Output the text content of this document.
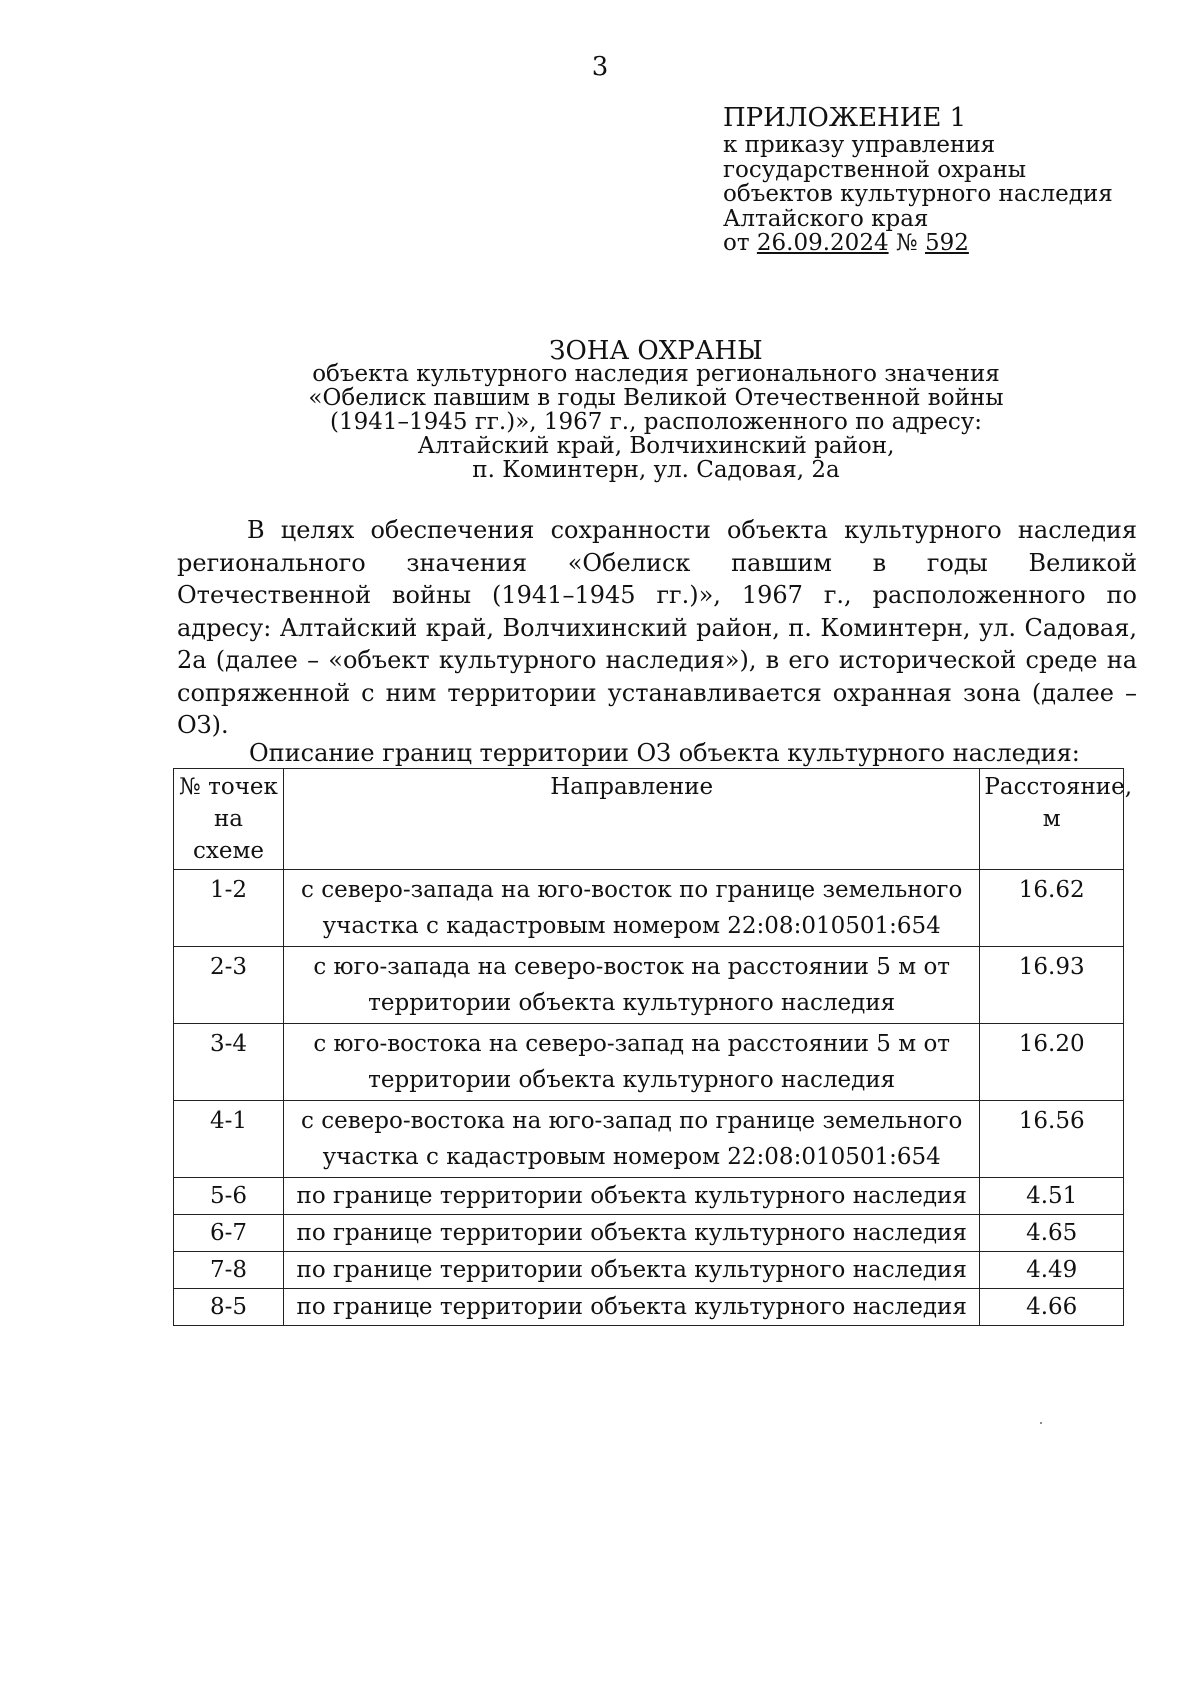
3
ПРИЛОЖЕНИЕ 1
к приказу управления
государственной охраны
объектов культурного наследия
Алтайского края
от 26.09.2024 № 592
ЗОНА ОХРАНЫ
объекта культурного наследия регионального значения
«Обелиск павшим в годы Великой Отечественной войны
(1941–1945 гг.)», 1967 г., расположенного по адресу:
Алтайский край, Волчихинский район,
п. Коминтерн, ул. Садовая, 2а

В целях обеспечения сохранности объекта культурного наследия регионального значения «Обелиск павшим в годы Великой Отечественной войны (1941–1945 гг.)», 1967 г., расположенного по адресу: Алтайский край, Волчихинский район, п. Коминтерн, ул. Садовая, 2а (далее – «объект культурного наследия»), в его исторической среде на сопряженной с ним территории устанавливается охранная зона (далее – ОЗ).

Описание границ территории ОЗ объекта культурного наследия:
№ точек на схеме	Направление	Расстояние, м
1-2	с северо-запада на юго-восток по границе земельного участка с кадастровым номером 22:08:010501:654	16.62
2-3	с юго-запада на северо-восток на расстоянии 5 м от территории объекта культурного наследия	16.93
3-4	с юго-востока на северо-запад на расстоянии 5 м от территории объекта культурного наследия	16.20
4-1	с северо-востока на юго-запад по границе земельного участка с кадастровым номером 22:08:010501:654	16.56
5-6	по границе территории объекта культурного наследия	4.51
6-7	по границе территории объекта культурного наследия	4.65
7-8	по границе территории объекта культурного наследия	4.49
8-5	по границе территории объекта культурного наследия	4.66
